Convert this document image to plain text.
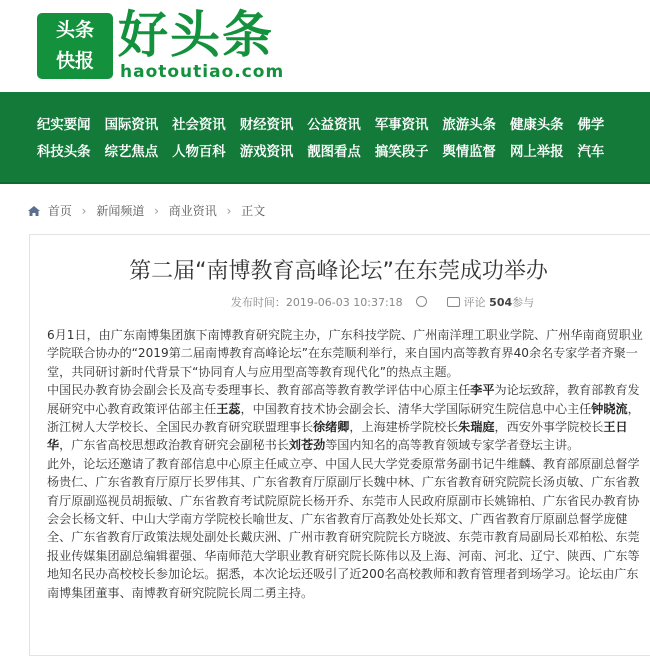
头条
快报 好头条
haotoutiao.com
纪实要闻 国际资讯 社会资讯 财经资讯 公益资讯 军事资讯 旅游头条 健康头条 佛学
科技头条 综艺焦点 人物百科 游戏资讯 靓图看点 搞笑段子 舆情监督 网上举报 汽车
首页 › 新闻频道 › 商业资讯 › 正文
第二届“南博教育高峰论坛”在东莞成功举办
发布时间：2019-06-03 10:37:18	评论 504参与

6月1日，由广东南博集团旗下南博教育研究院主办，广东科技学院、广州南洋理工职业学院、广州华南商贸职业学院联合协办的“2019第二届南博教育高峰论坛”在东莞顺利举行，来自国内高等教育界40余名专家学者齐聚一堂，共同研讨新时代背景下“协同育人与应用型高等教育现代化”的热点主题。

中国民办教育协会副会长及高专委理事长、教育部高等教育教学评估中心原主任李平为论坛致辞，教育部教育发展研究中心教育政策评估部主任王蕊，中国教育技术协会副会长、清华大学国际研究生院信息中心主任钟晓流，浙江树人大学校长、全国民办教育研究联盟理事长徐绪卿，上海建桥学院校长朱瑞庭，西安外事学院校长王日华，广东省高校思想政治教育研究会副秘书长刘苍劲等国内知名的高等教育领域专家学者登坛主讲。

此外，论坛还邀请了教育部信息中心原主任咸立亭、中国人民大学党委原常务副书记牛维麟、教育部原副总督学杨贵仁、广东省教育厅原厅长罗伟其、广东省教育厅原副厅长魏中林、广东省教育研究院院长汤贞敏、广东省教育厅原副巡视员胡振敏、广东省教育考试院原院长杨开乔、东莞市人民政府原副市长姚锦柏、广东省民办教育协会会长杨文轩、中山大学南方学院校长喻世友、广东省教育厅高教处处长郑文、广西省教育厅原副总督学庞健全、广东省教育厅政策法规处副处长戴庆洲、广州市教育研究院院长方晓波、东莞市教育局副局长邓柏松、东莞报业传媒集团副总编辑翟强、华南师范大学职业教育研究院长陈伟以及上海、河南、河北、辽宁、陕西、广东等地知名民办高校校长参加论坛。据悉，本次论坛还吸引了近200名高校教师和教育管理者到场学习。论坛由广东南博集团董事、南博教育研究院院长周二勇主持。
